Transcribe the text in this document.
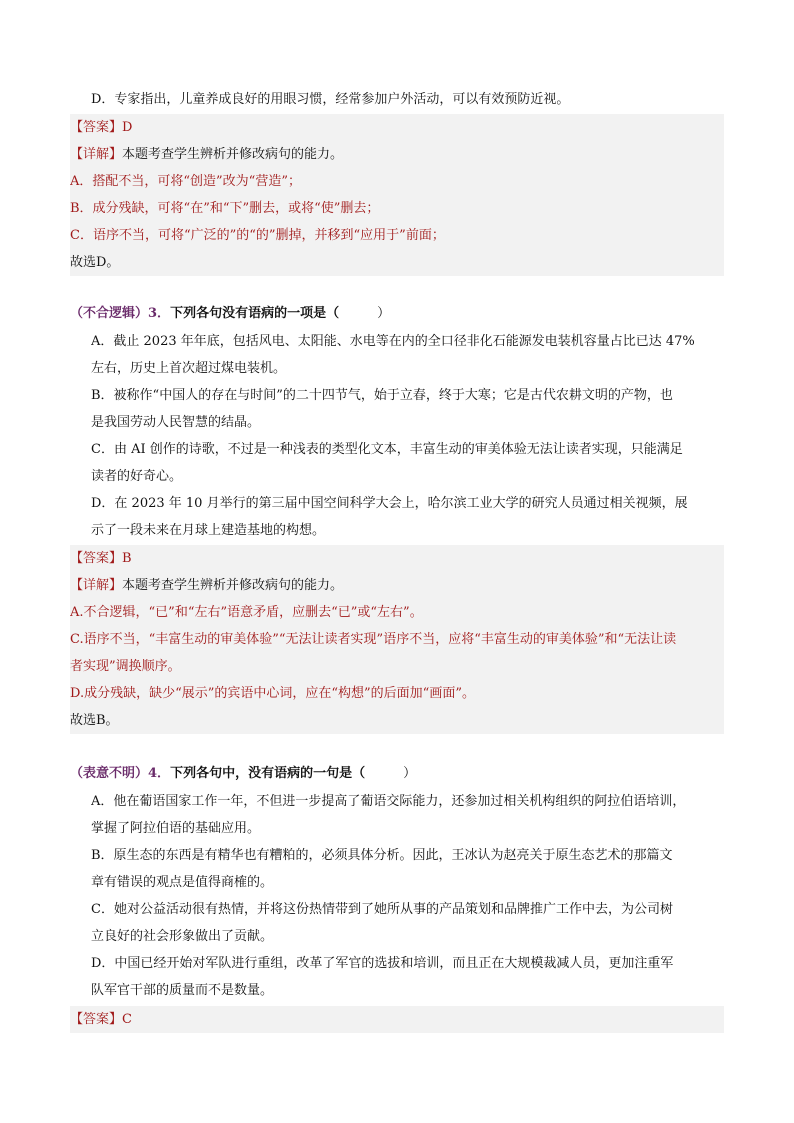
D．专家指出，儿童养成良好的用眼习惯，经常参加户外活动，可以有效预防近视。
【答案】D
【详解】本题考查学生辨析并修改病句的能力。
A．搭配不当，可将“创造”改为“营造”；
B．成分残缺，可将“在”和“下”删去，或将“使”删去；
C．语序不当，可将“广泛的”的“的”删掉，并移到“应用于”前面；
故选D。
（不合逻辑）3．下列各句没有语病的一项是（	）
A．截止 2023 年年底，包括风电、太阳能、水电等在内的全口径非化石能源发电装机容量占比已达 47%
左右，历史上首次超过煤电装机。
B．被称作“中国人的存在与时间”的二十四节气，始于立春，终于大寒；它是古代农耕文明的产物，也
是我国劳动人民智慧的结晶。
C．由 AI 创作的诗歌，不过是一种浅表的类型化文本，丰富生动的审美体验无法让读者实现，只能满足
读者的好奇心。
D．在 2023 年 10 月举行的第三届中国空间科学大会上，哈尔滨工业大学的研究人员通过相关视频，展
示了一段未来在月球上建造基地的构想。
【答案】B
【详解】本题考查学生辨析并修改病句的能力。
A.不合逻辑，“已”和“左右”语意矛盾，应删去“已”或“左右”。
C.语序不当，“丰富生动的审美体验”“无法让读者实现”语序不当，应将“丰富生动的审美体验”和“无法让读
者实现”调换顺序。
D.成分残缺，缺少“展示”的宾语中心词，应在“构想”的后面加“画面”。
故选B。
（表意不明）4．下列各句中，没有语病的一句是（	）
A．他在葡语国家工作一年，不但进一步提高了葡语交际能力，还参加过相关机构组织的阿拉伯语培训，
掌握了阿拉伯语的基础应用。
B．原生态的东西是有精华也有糟粕的，必须具体分析。因此，王冰认为赵亮关于原生态艺术的那篇文
章有错误的观点是值得商榷的。
C．她对公益活动很有热情，并将这份热情带到了她所从事的产品策划和品牌推广工作中去，为公司树
立良好的社会形象做出了贡献。
D．中国已经开始对军队进行重组，改革了军官的选拔和培训，而且正在大规模裁减人员，更加注重军
队军官干部的质量而不是数量。
【答案】C
